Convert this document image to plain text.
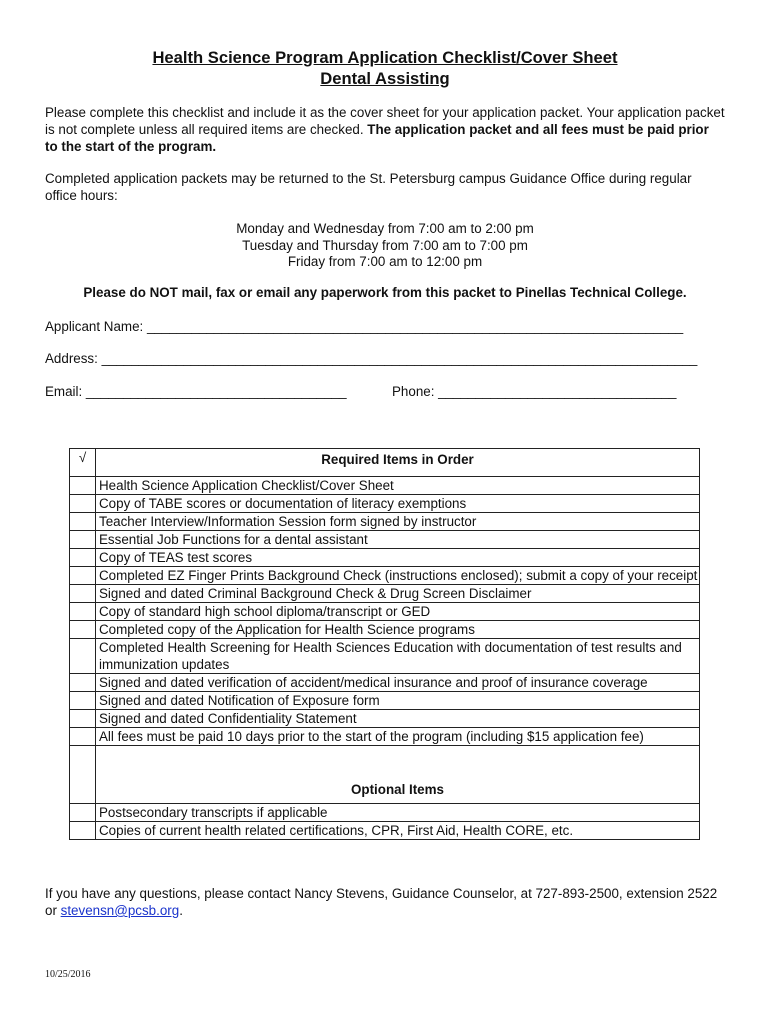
Health Science Program Application Checklist/Cover Sheet
Dental Assisting
Please complete this checklist and include it as the cover sheet for your application packet. Your application packet is not complete unless all required items are checked. The application packet and all fees must be paid prior to the start of the program.
Completed application packets may be returned to the St. Petersburg campus Guidance Office during regular office hours:
Monday and Wednesday from 7:00 am to 2:00 pm
Tuesday and Thursday from 7:00 am to 7:00 pm
Friday from 7:00 am to 12:00 pm
Please do NOT mail, fax or email any paperwork from this packet to Pinellas Technical College.
Applicant Name: ________________________________________________________________________
Address: ________________________________________________________________________________
Email: ___________________________________	Phone: ________________________________
√	Required Items in Order
	Health Science Application Checklist/Cover Sheet
	Copy of TABE scores or documentation of literacy exemptions
	Teacher Interview/Information Session form signed by instructor
	Essential Job Functions for a dental assistant
	Copy of TEAS test scores
	Completed EZ Finger Prints Background Check (instructions enclosed); submit a copy of your receipt
	Signed and dated Criminal Background Check & Drug Screen Disclaimer
	Copy of standard high school diploma/transcript or GED
	Completed copy of the Application for Health Science programs
	Completed Health Screening for Health Sciences Education with documentation of test results and immunization updates
	Signed and dated verification of accident/medical insurance and proof of insurance coverage
	Signed and dated Notification of Exposure form
	Signed and dated Confidentiality Statement
	All fees must be paid 10 days prior to the start of the program (including $15 application fee)
	Optional Items
	Postsecondary transcripts if applicable
	Copies of current health related certifications, CPR, First Aid, Health CORE, etc.
If you have any questions, please contact Nancy Stevens, Guidance Counselor, at 727-893-2500, extension 2522 or stevensn@pcsb.org.
10/25/2016
